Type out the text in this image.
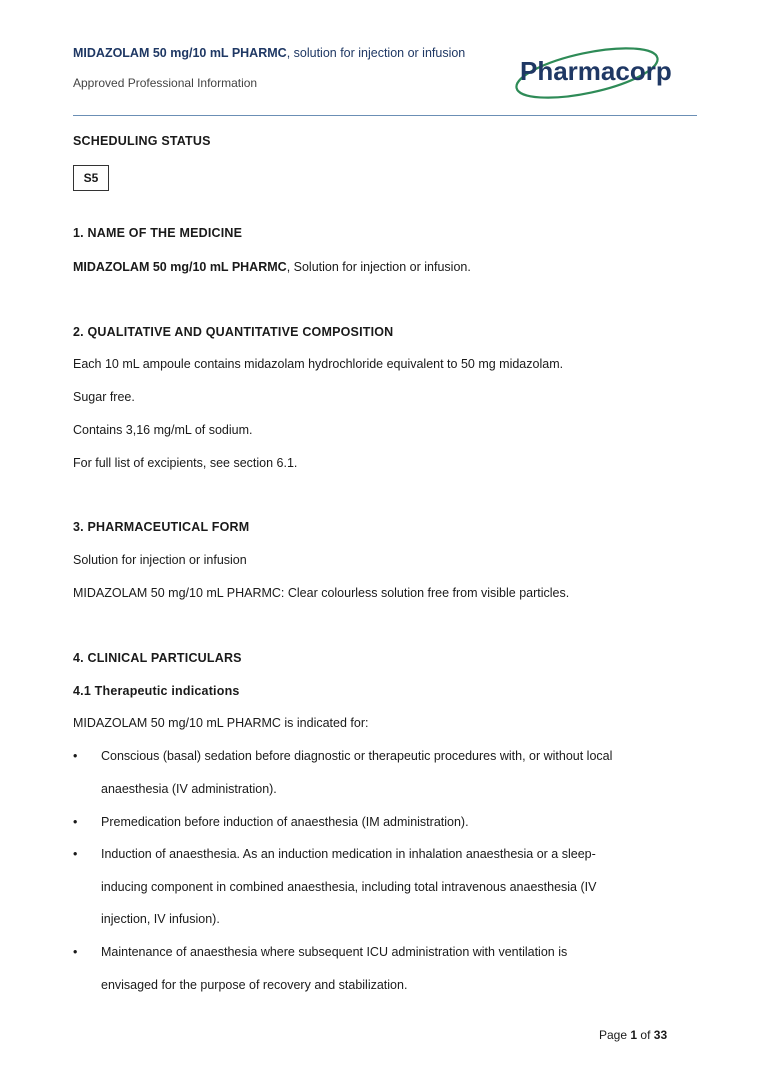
MIDAZOLAM 50 mg/10 mL PHARMC, solution for injection or infusion
Approved Professional Information	Pharmacorp
SCHEDULING STATUS
S5
1. NAME OF THE MEDICINE
MIDAZOLAM 50 mg/10 mL PHARMC, Solution for injection or infusion.
2. QUALITATIVE AND QUANTITATIVE COMPOSITION
Each 10 mL ampoule contains midazolam hydrochloride equivalent to 50 mg midazolam.
Sugar free.
Contains 3,16 mg/mL of sodium.
For full list of excipients, see section 6.1.
3. PHARMACEUTICAL FORM
Solution for injection or infusion
MIDAZOLAM 50 mg/10 mL PHARMC: Clear colourless solution free from visible particles.
4. CLINICAL PARTICULARS
4.1 Therapeutic indications
MIDAZOLAM 50 mg/10 mL PHARMC is indicated for:
• Conscious (basal) sedation before diagnostic or therapeutic procedures with, or without local
anaesthesia (IV administration).
• Premedication before induction of anaesthesia (IM administration).
• Induction of anaesthesia. As an induction medication in inhalation anaesthesia or a sleep-
inducing component in combined anaesthesia, including total intravenous anaesthesia (IV
injection, IV infusion).
• Maintenance of anaesthesia where subsequent ICU administration with ventilation is
envisaged for the purpose of recovery and stabilization.
Page 1 of 33
